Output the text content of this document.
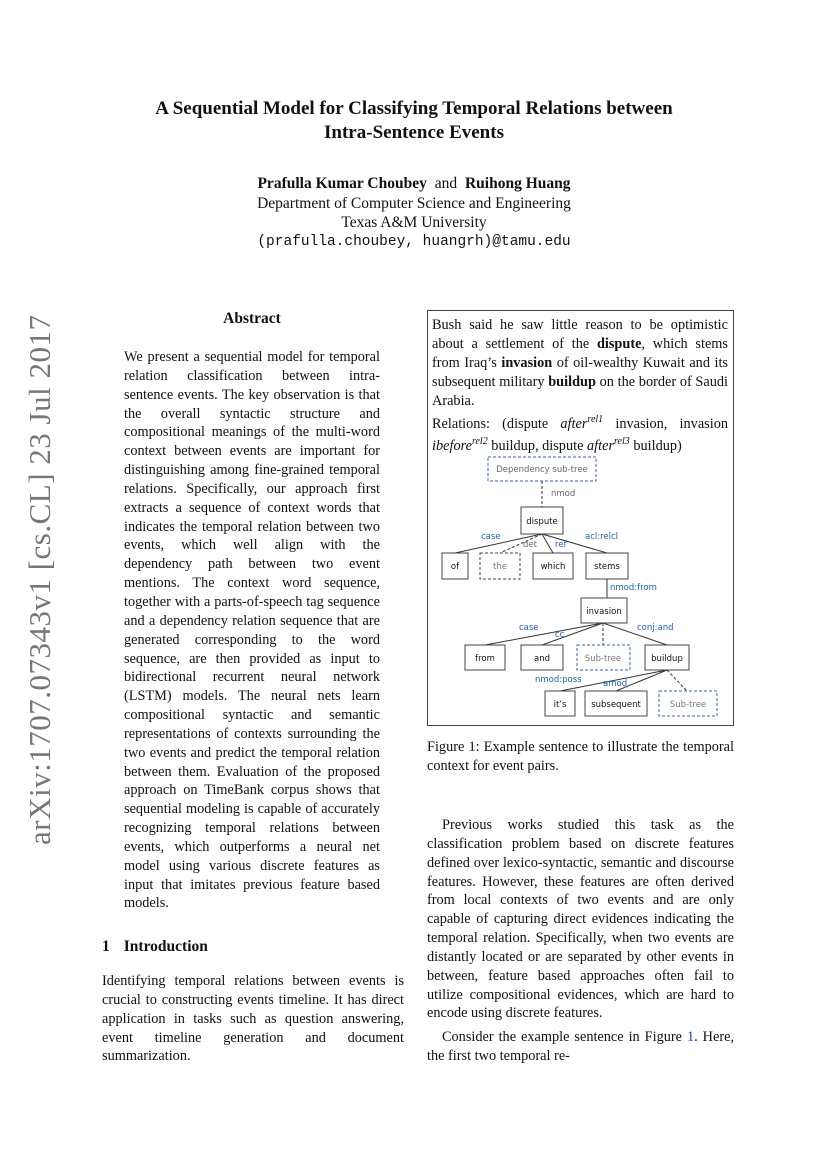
A Sequential Model for Classifying Temporal Relations between
Intra-Sentence Events
Prafulla Kumar Choubey and Ruihong Huang
Department of Computer Science and Engineering
Texas A&M University
(prafulla.choubey, huangrh)@tamu.edu
arXiv:1707.07343v1 [cs.CL] 23 Jul 2017	Abstract
We present a sequential model for temporal relation classification between intra-sentence events. The key observation is that the overall syntactic structure and compositional meanings of the multi-word context between events are important for distinguishing among fine-grained temporal relations. Specifically, our approach first extracts a sequence of context words that indicates the temporal relation between two events, which well align with the dependency path between two event mentions. The context word sequence, together with a parts-of-speech tag sequence and a dependency relation sequence that are generated corresponding to the word sequence, are then provided as input to bidirectional recurrent neural network (LSTM) models. The neural nets learn compositional syntactic and semantic representations of contexts surrounding the two events and predict the temporal relation between them. Evaluation of the proposed approach on TimeBank corpus shows that sequential modeling is capable of accurately recognizing temporal relations between events, which outperforms a neural net model using various discrete features as input that imitates previous feature based models.
1 Introduction
Identifying temporal relations between events is crucial to constructing events timeline. It has direct application in tasks such as question answering, event timeline generation and document summarization.
Bush said he saw little reason to be optimistic about a settlement of the dispute, which stems from Iraq’s invasion of oil-wealthy Kuwait and its subsequent military buildup on the border of Saudi Arabia.
Relations: (dispute after$^{rel1}$ invasion, invasion ibefore$^{rel2}$ buildup, dispute after$^{rel3}$ buildup)
Dependency sub-tree
dispute
of	the	which	stems
invasion
from	and	Sub-tree	buildup
it’s	subsequent	Sub-tree
nmod
case
det ref
acl:relcl
nmod:from
case
cc
conj:and
nmod:poss	amod
Figure 1: Example sentence to illustrate the temporal context for event pairs.
Previous works studied this task as the classification problem based on discrete features defined over lexico-syntactic, semantic and discourse features. However, these features are often derived from local contexts of two events and are only capable of capturing direct evidences indicating the temporal relation. Specifically, when two events are distantly located or are separated by other events in between, feature based approaches often fail to utilize compositional evidences, which are hard to encode using discrete features.
Consider the example sentence in Figure 1. Here, the first two temporal re-
